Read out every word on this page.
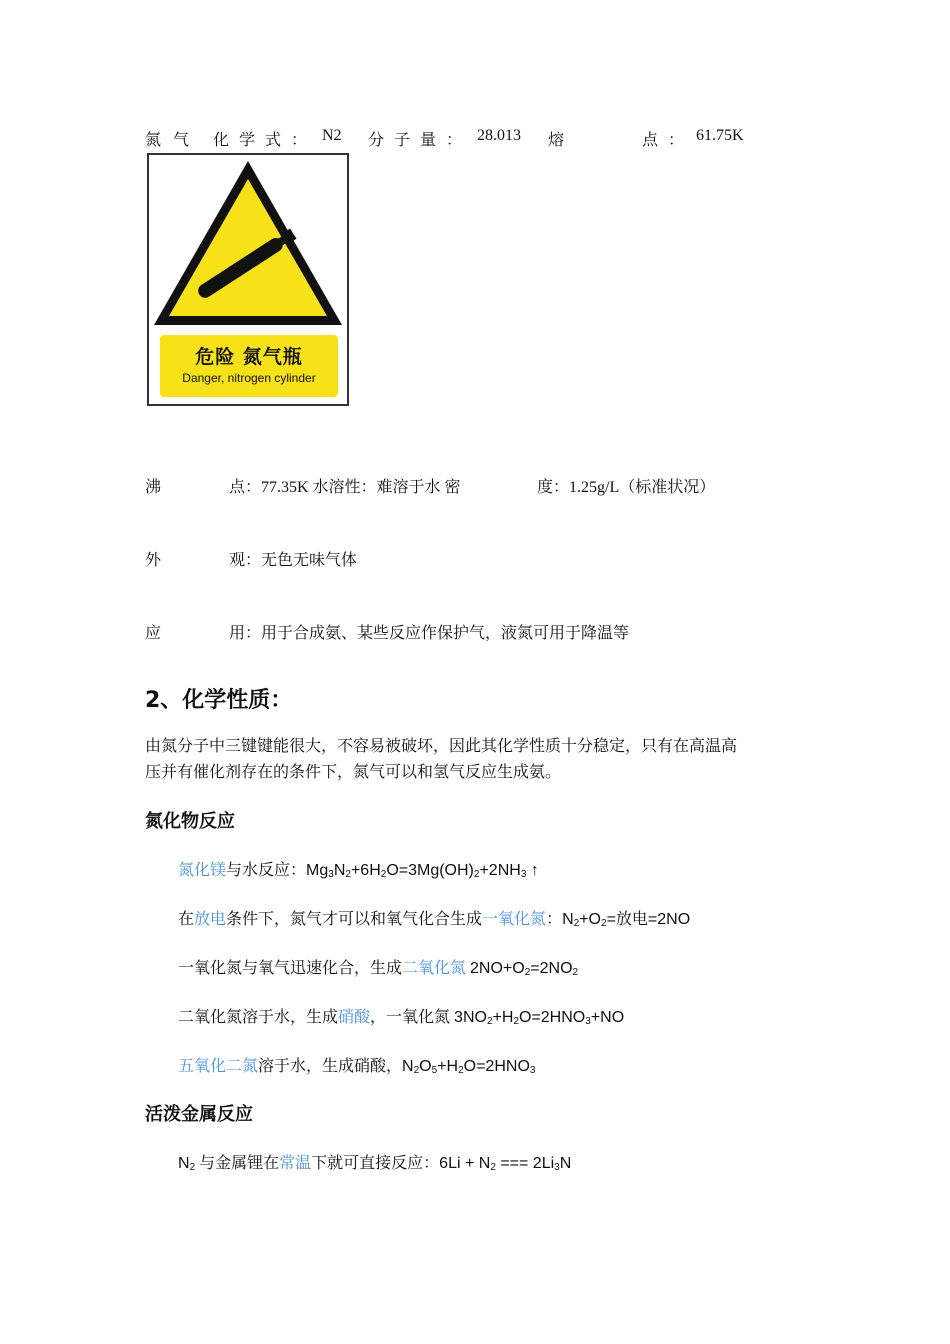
氮 气 化 学 式 ： N2 分 子 量 ： 28.013 熔	点 ： 61.75K
危险 氮气瓶
Danger, nitrogen cylinder
沸	点：77.35K 水溶性：难溶于水 密	度：1.25g/L（标准状况）
外	观：无色无味气体
应	用：用于合成氨、某些反应作保护气，液氮可用于降温等
2、化学性质：
由氮分子中三键键能很大，不容易被破坏，因此其化学性质十分稳定，只有在高温高压并有催化剂存在的条件下，氮气可以和氢气反应生成氨。
氮化物反应
氮化镁与水反应：$Mg_3N_2+6H_2O=3Mg(OH)_2+2NH_3$ ↑
在放电条件下，氮气才可以和氧气化合生成一氧化氮：$N_2+O_2=$放电=2NO
一氧化氮与氧气迅速化合，生成二氧化氮 $2NO+O_2=2NO_2$
二氧化氮溶于水，生成硝酸，一氧化氮 $3NO_2+H_2O=2HNO_3+NO$
五氧化二氮溶于水，生成硝酸，$N_2O_5+H_2O=2HNO_3$
活泼金属反应
$N_2$ 与金属锂在常温下就可直接反应：$6Li + N_2$ === $2Li_3N$
